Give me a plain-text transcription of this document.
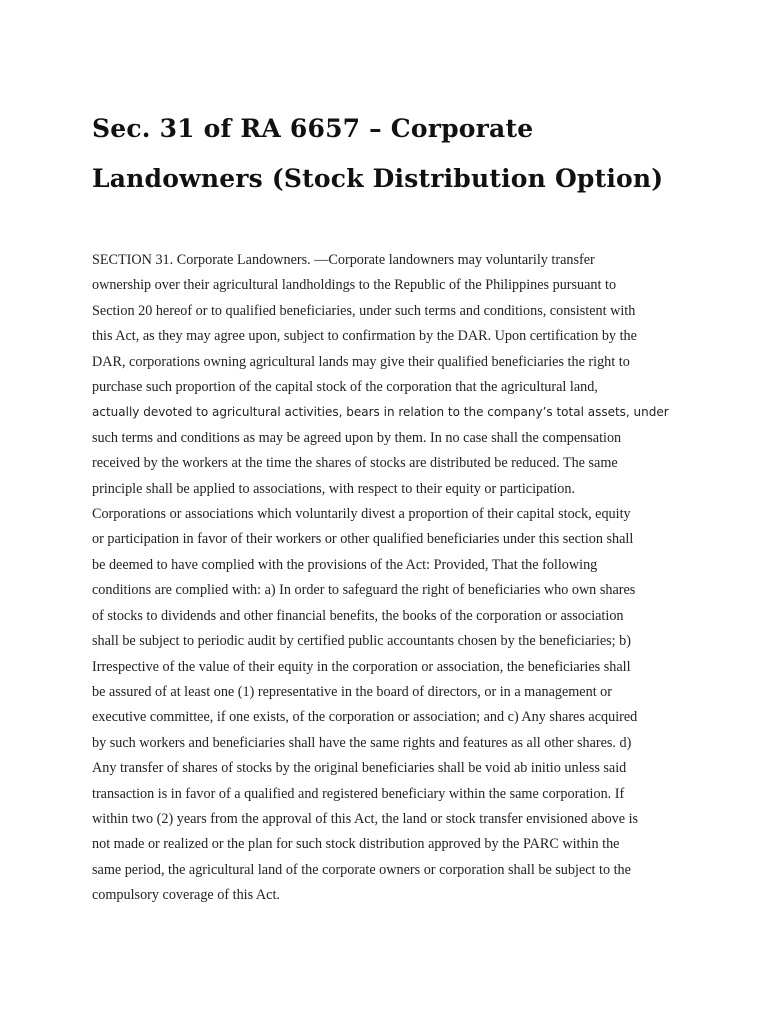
Sec. 31 of RA 6657 – Corporate
Landowners (Stock Distribution Option)
SECTION 31. Corporate Landowners. —Corporate landowners may voluntarily transfer
ownership over their agricultural landholdings to the Republic of the Philippines pursuant to
Section 20 hereof or to qualified beneficiaries, under such terms and conditions, consistent with
this Act, as they may agree upon, subject to confirmation by the DAR. Upon certification by the
DAR, corporations owning agricultural lands may give their qualified beneficiaries the right to
purchase such proportion of the capital stock of the corporation that the agricultural land,
actually devoted to agricultural activities, bears in relation to the company’s total assets, under
such terms and conditions as may be agreed upon by them. In no case shall the compensation
received by the workers at the time the shares of stocks are distributed be reduced. The same
principle shall be applied to associations, with respect to their equity or participation.
Corporations or associations which voluntarily divest a proportion of their capital stock, equity
or participation in favor of their workers or other qualified beneficiaries under this section shall
be deemed to have complied with the provisions of the Act: Provided, That the following
conditions are complied with: a) In order to safeguard the right of beneficiaries who own shares
of stocks to dividends and other financial benefits, the books of the corporation or association
shall be subject to periodic audit by certified public accountants chosen by the beneficiaries; b)
Irrespective of the value of their equity in the corporation or association, the beneficiaries shall
be assured of at least one (1) representative in the board of directors, or in a management or
executive committee, if one exists, of the corporation or association; and c) Any shares acquired
by such workers and beneficiaries shall have the same rights and features as all other shares. d)
Any transfer of shares of stocks by the original beneficiaries shall be void ab initio unless said
transaction is in favor of a qualified and registered beneficiary within the same corporation. If
within two (2) years from the approval of this Act, the land or stock transfer envisioned above is
not made or realized or the plan for such stock distribution approved by the PARC within the
same period, the agricultural land of the corporate owners or corporation shall be subject to the
compulsory coverage of this Act.
